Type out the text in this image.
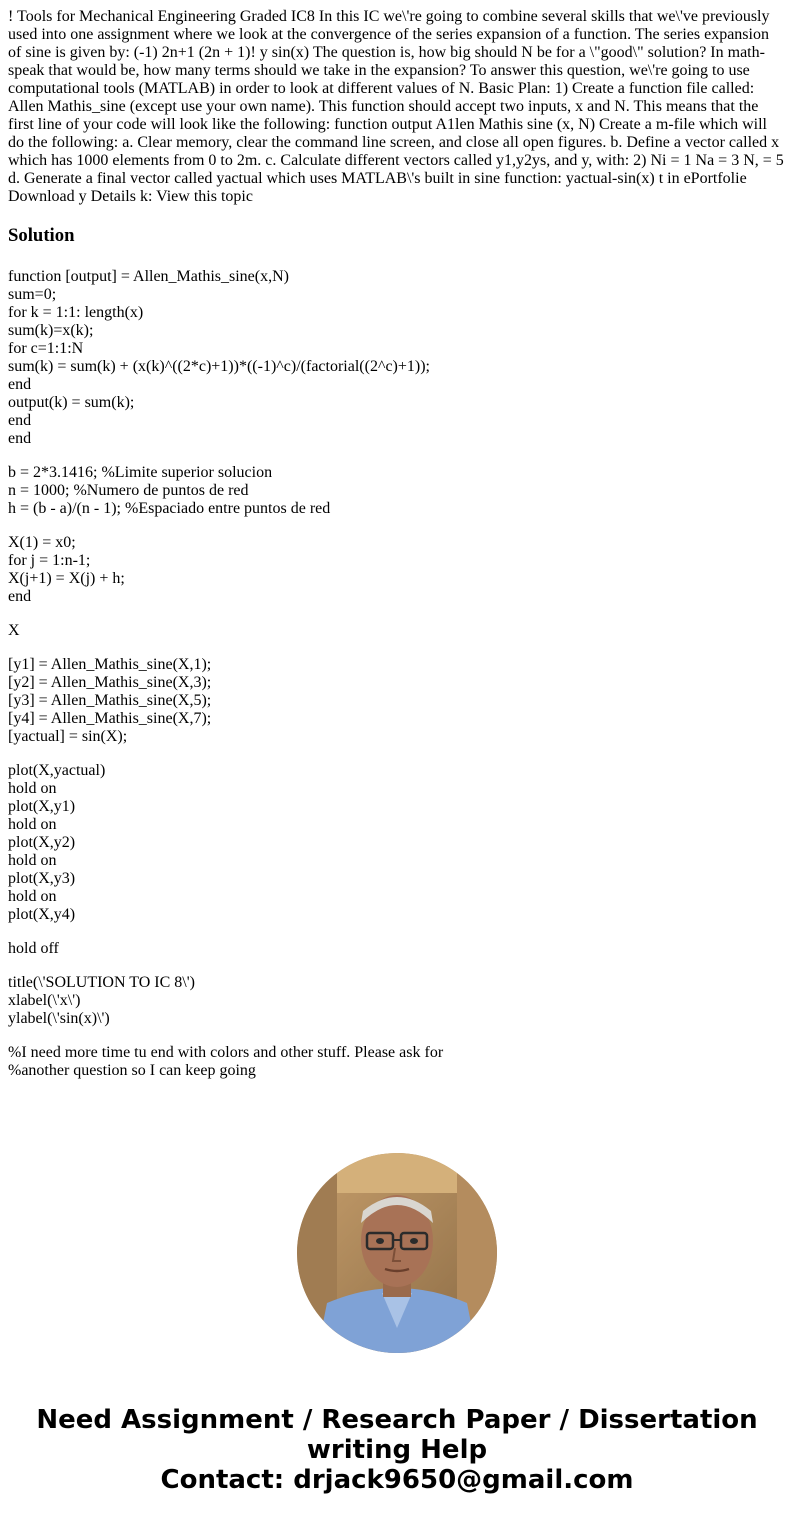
! Tools for Mechanical Engineering Graded IC8 In this IC we\'re going to combine several skills that we\'ve previously used into one assignment where we look at the convergence of the series expansion of a function. The series expansion of sine is given by: (-1) 2n+1 (2n + 1)! y sin(x) The question is, how big should N be for a \"good\" solution? In math-speak that would be, how many terms should we take in the expansion? To answer this question, we\'re going to use computational tools (MATLAB) in order to look at different values of N. Basic Plan: 1) Create a function file called: Allen Mathis_sine (except use your own name). This function should accept two inputs, x and N. This means that the first line of your code will look like the following: function output A1len Mathis sine (x, N) Create a m-file which will do the following: a. Clear memory, clear the command line screen, and close all open figures. b. Define a vector called x which has 1000 elements from 0 to 2m. c. Calculate different vectors called y1,y2ys, and y, with: 2) Ni = 1 Na = 3 N, = 5 d. Generate a final vector called yactual which uses MATLAB\'s built in sine function: yactual-sin(x) t in ePortfolie Download y Details k: View this topic

Solution
function [output] = Allen_Mathis_sine(x,N)
sum=0;
for k = 1:1: length(x)
sum(k)=x(k);
for c=1:1:N
sum(k) = sum(k) + (x(k)^((2*c)+1))*((-1)^c)/(factorial((2^c)+1));
end
output(k) = sum(k);
end
end
b = 2*3.1416; %Limite superior solucion
n = 1000; %Numero de puntos de red
h = (b - a)/(n - 1); %Espaciado entre puntos de red
X(1) = x0;
for j = 1:n-1;
X(j+1) = X(j) + h;
end
X
[y1] = Allen_Mathis_sine(X,1);
[y2] = Allen_Mathis_sine(X,3);
[y3] = Allen_Mathis_sine(X,5);
[y4] = Allen_Mathis_sine(X,7);
[yactual] = sin(X);
plot(X,yactual)
hold on
plot(X,y1)
hold on
plot(X,y2)
hold on
plot(X,y3)
hold on
plot(X,y4)
hold off
title(\'SOLUTION TO IC 8\')
xlabel(\'x\')
ylabel(\'sin(x)\')
%I need more time tu end with colors and other stuff. Please ask for
%another question so I can keep going
Need Assignment / Research Paper / Dissertation
writing Help
Contact: drjack9650@gmail.com
